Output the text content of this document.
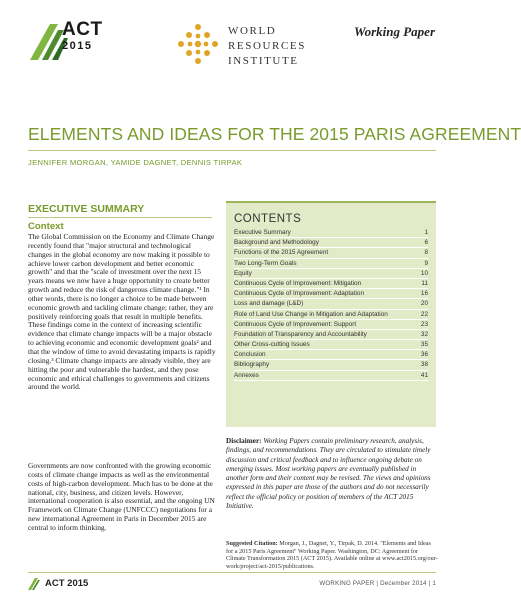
ACT
2015
WORLD
RESOURCES
INSTITUTE
Working Paper
ELEMENTS AND IDEAS FOR THE 2015 PARIS AGREEMENT
JENNIFER MORGAN, YAMIDE DAGNET, DENNIS TIRPAK
EXECUTIVE SUMMARY
Context
The Global Commission on the Economy and Climate Change recently found that "major structural and technological changes in the global economy are now making it possible to achieve lower carbon development and better economic growth" and that the "scale of investment over the next 15 years means we now have a huge opportunity to create better growth and reduce the risk of dangerous climate change."¹ In other words, there is no longer a choice to be made between economic growth and tackling climate change; rather, they are positively reinforcing goals that result in multiple benefits. These findings come in the context of increasing scientific evidence that climate change impacts will be a major obstacle to achieving economic and economic development goals² and that the window of time to avoid devastating impacts is rapidly closing.³ Climate change impacts are already visible, they are hitting the poor and vulnerable the hardest, and they pose economic and ethical challenges to governments and citizens around the world.
Governments are now confronted with the growing economic costs of climate change impacts as well as the environmental costs of high-carbon development. Much has to be done at the national, city, business, and citizen levels. However, international cooperation is also essential, and the ongoing UN Framework on Climate Change (UNFCCC) negotiations for a new international Agreement in Paris in December 2015 are central to inform thinking.
CONTENTS
Executive Summary	1
Background and Methodology	6
Functions of the 2015 Agreement	8
Two Long-Term Goals	9
Equity	10
Continuous Cycle of Improvement: Mitigation	11
Continuous Cycle of Improvement: Adaptation	16
Loss and damage (L&D)	20
Role of Land Use Change in Mitigation and Adaptation	22
Continuous Cycle of Improvement: Support	23
Foundation of Transparency and Accountability	32
Other Cross-cutting Issues	35
Conclusion	36
Bibliography	38
Annexes	41
Disclaimer: Working Papers contain preliminary research, analysis, findings, and recommendations. They are circulated to stimulate timely discussion and critical feedback and to influence ongoing debate on emerging issues. Most working papers are eventually published in another form and their content may be revised. The views and opinions expressed in this paper are those of the authors and do not necessarily reflect the official policy or position of members of the ACT 2015 Initiative.
Suggested Citation: Morgan, J., Dagnet, Y., Tirpak, D. 2014. "Elements and Ideas for a 2015 Paris Agreement" Working Paper. Washington, DC: Agreement for Climate Transformation 2015 (ACT 2015). Available online at www.act2015.org/our-work/project/act-2015/publications.
ACT 2015	WORKING PAPER | December 2014 | 1
